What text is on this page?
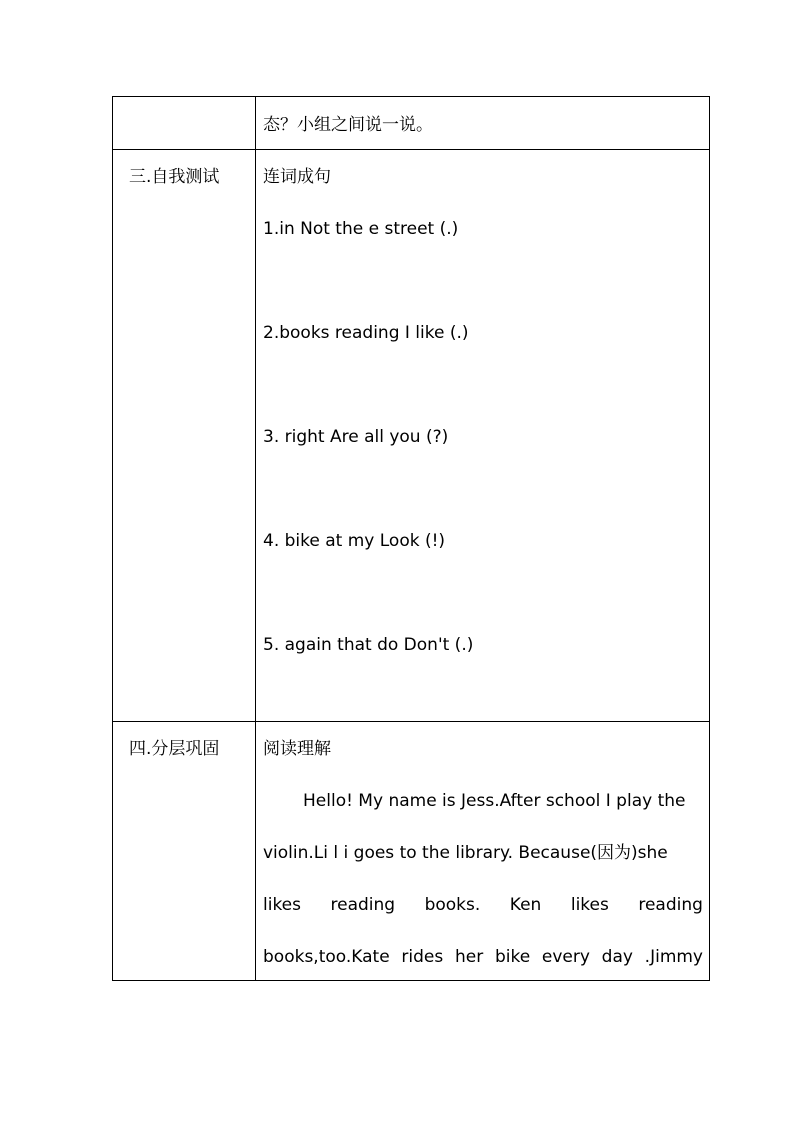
态？小组之间说一说。
三.自我测试	连词成句
1.in Not the e street (.)
2.books reading I like (.)
3. right Are all you (?)
4. bike at my Look (!)
5. again that do Don't (.)
四.分层巩固	阅读理解
Hello! My name is Jess.After school I play the
violin.Li l i goes to the library. Because(因为)she
likes reading books. Ken likes reading
books,too.Kate rides her bike every day .Jimmy
